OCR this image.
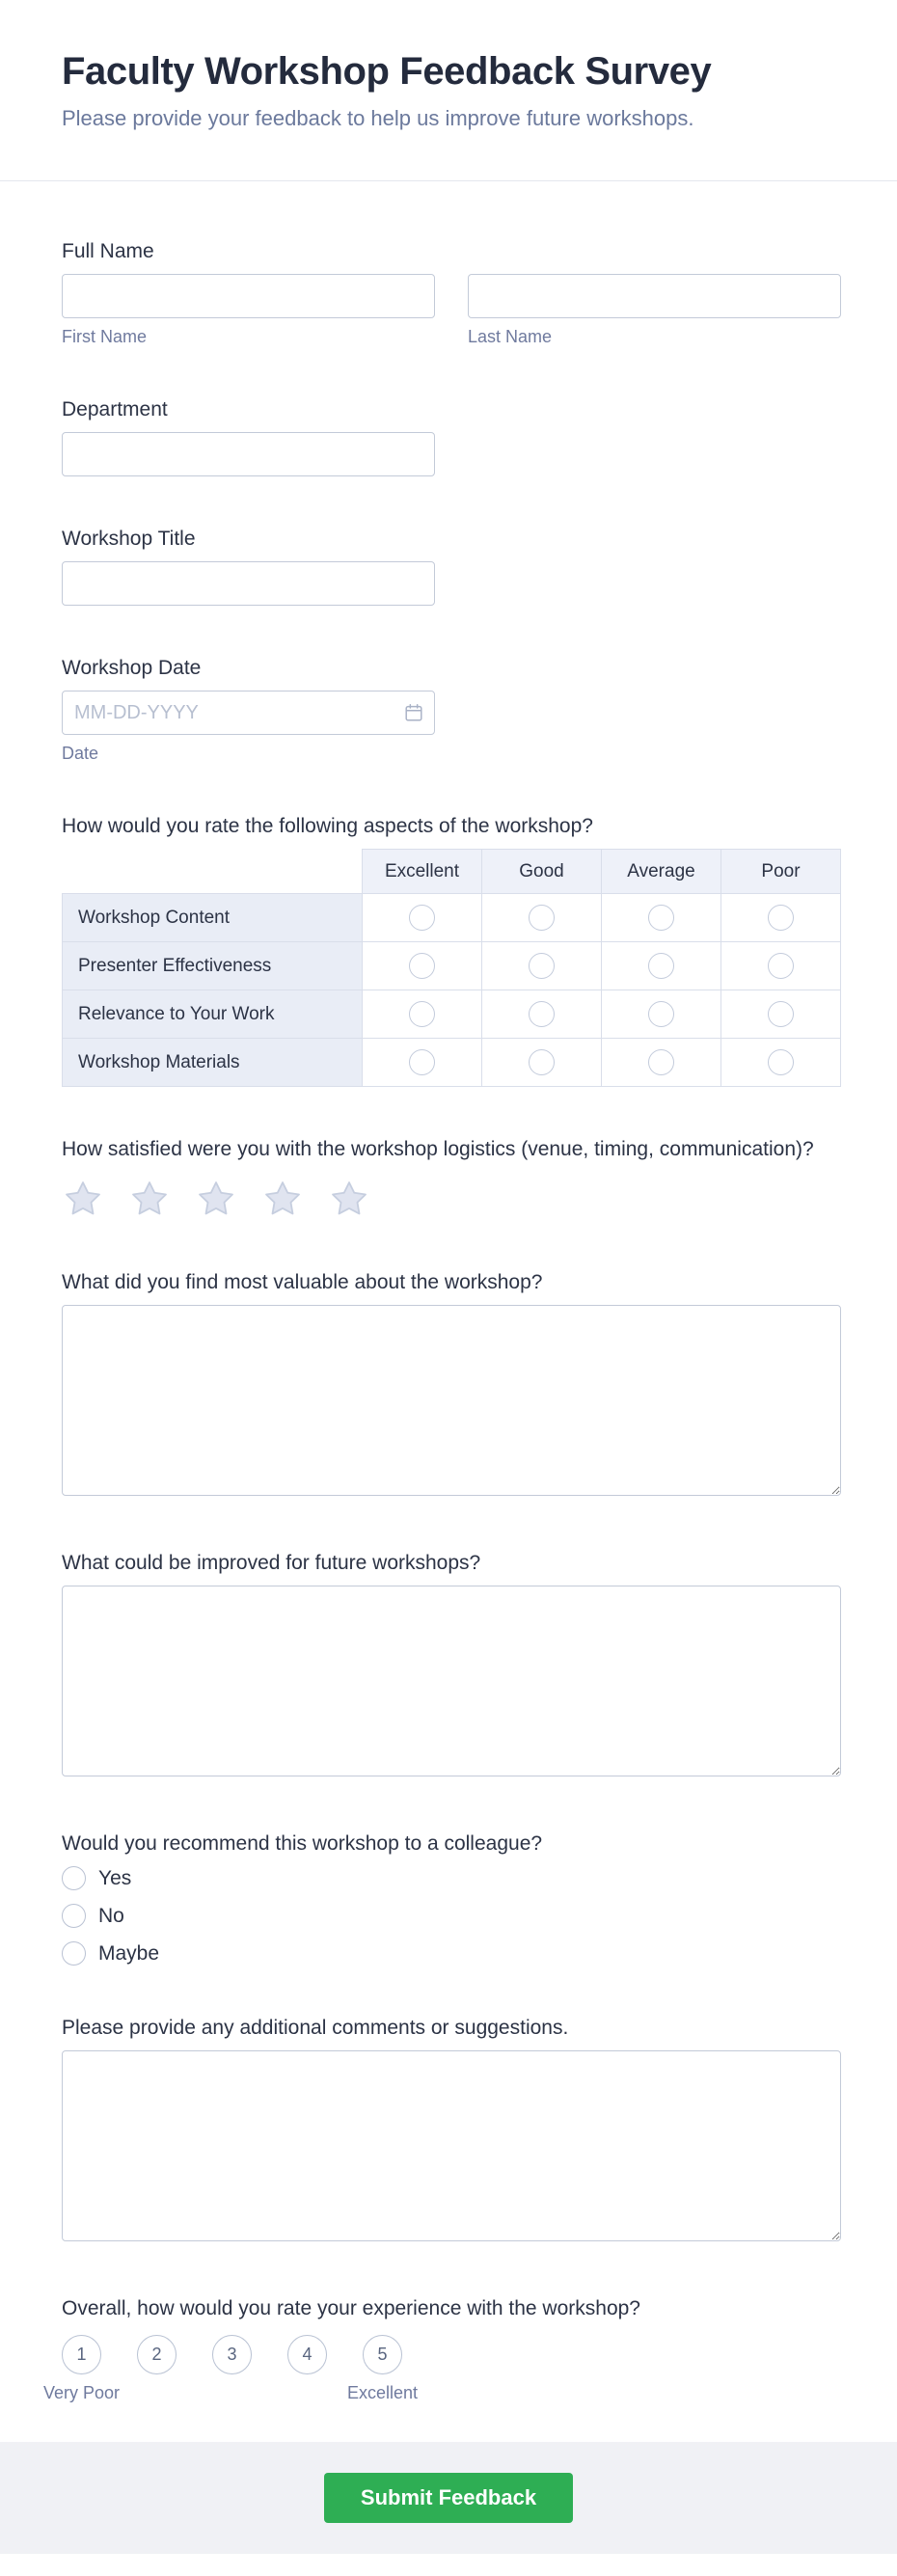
Faculty Workshop Feedback Survey

Please provide your feedback to help us improve future workshops.

Full Name
First Name	Last Name
Department
Workshop Title
Workshop Date
MM-DD-YYYY
Date
How would you rate the following aspects of the workshop?
	Excellent	Good	Average	Poor
Workshop Content				
Presenter Effectiveness				
Relevance to Your Work				
Workshop Materials				
How satisfied were you with the workshop logistics (venue, timing, communication)?
What did you find most valuable about the workshop?
What could be improved for future workshops?
Would you recommend this workshop to a colleague?
Yes
No
Maybe
Please provide any additional comments or suggestions.
Overall, how would you rate your experience with the workshop?
1
Very Poor
2	3	4	5
Excellent
Submit Feedback
